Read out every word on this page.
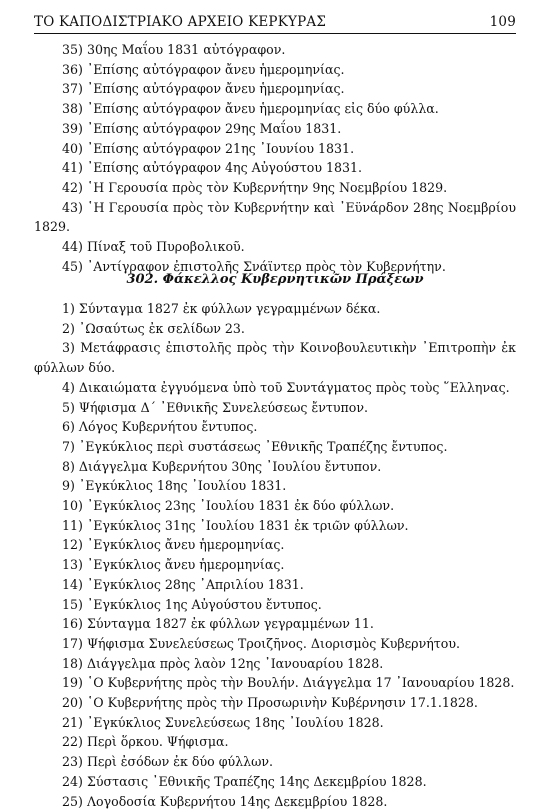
ΤΟ ΚΑΠΟΔΙΣΤΡΙΑΚΟ ΑΡΧΕΙΟ ΚΕΡΚΥΡΑΣ	109
35) 30ης Μαΐου 1831 αὐτόγραφον.
36) ᾿Επίσης αὐτόγραφον ἄνευ ἡμερομηνίας.
37) ᾿Επίσης αὐτόγραφον ἄνευ ἡμερομηνίας.
38) ᾿Επίσης αὐτόγραφον ἄνευ ἡμερομηνίας εἰς δύο φύλλα.
39) ᾿Επίσης αὐτόγραφον 29ης Μαΐου 1831.
40) ᾿Επίσης αὐτόγραφον 21ης ᾿Ιουνίου 1831.
41) ᾿Επίσης αὐτόγραφον 4ης Αὐγούστου 1831.
42) ῾Η Γερουσία πρὸς τὸν Κυβερνήτην 9ης Νοεμβρίου 1829.
43) ῾Η Γερουσία πρὸς τὸν Κυβερνήτην καὶ ᾿Εϋνάρδον 28ης Νοεμβρίου 1829.
44) Πίναξ τοῦ Πυροβολικοῦ.
45) ᾿Αντίγραφον ἐπιστολῆς Σνάϊντερ πρὸς τὸν Κυβερνήτην.
302. Φάκελλος Κυβερνητικῶν Πράξεων
1) Σύνταγμα 1827 ἐκ φύλλων γεγραμμένων δέκα.
2) ᾿Ωσαύτως ἐκ σελίδων 23.
3) Μετάφρασις ἐπιστολῆς πρὸς τὴν Κοινοβουλευτικὴν ᾿Επιτροπὴν ἐκ φύλλων δύο.
4) Δικαιώματα ἐγγυόμενα ὑπὸ τοῦ Συντάγματος πρὸς τοὺς ῞Ελληνας.
5) Ψήφισμα Δ΄ ᾿Εθνικῆς Συνελεύσεως ἔντυπον.
6) Λόγος Κυβερνήτου ἔντυπος.
7) ᾿Εγκύκλιος περὶ συστάσεως ᾿Εθνικῆς Τραπέζης ἔντυπος.
8) Διάγγελμα Κυβερνήτου 30ης ᾿Ιουλίου ἔντυπον.
9) ᾿Εγκύκλιος 18ης ᾿Ιουλίου 1831.
10) ᾿Εγκύκλιος 23ης ᾿Ιουλίου 1831 ἐκ δύο φύλλων.
11) ᾿Εγκύκλιος 31ης ᾿Ιουλίου 1831 ἐκ τριῶν φύλλων.
12) ᾿Εγκύκλιος ἄνευ ἡμερομηνίας.
13) ᾿Εγκύκλιος ἄνευ ἡμερομηνίας.
14) ᾿Εγκύκλιος 28ης ᾿Απριλίου 1831.
15) ᾿Εγκύκλιος 1ης Αὐγούστου ἔντυπος.
16) Σύνταγμα 1827 ἐκ φύλλων γεγραμμένων 11.
17) Ψήφισμα Συνελεύσεως Τροιζῆνος. Διορισμὸς Κυβερνήτου.
18) Διάγγελμα πρὸς λαὸν 12ης ᾿Ιανουαρίου 1828.
19) ῾Ο Κυβερνήτης πρὸς τὴν Βουλήν. Διάγγελμα 17 ᾿Ιανουαρίου 1828.
20) ῾Ο Κυβερνήτης πρὸς τὴν Προσωρινὴν Κυβέρνησιν 17.1.1828.
21) ᾿Εγκύκλιος Συνελεύσεως 18ης ᾿Ιουλίου 1828.
22) Περὶ ὅρκου. Ψήφισμα.
23) Περὶ ἐσόδων ἐκ δύο φύλλων.
24) Σύστασις ᾿Εθνικῆς Τραπέζης 14ης Δεκεμβρίου 1828.
25) Λογοδοσία Κυβερνήτου 14ης Δεκεμβρίου 1828.
